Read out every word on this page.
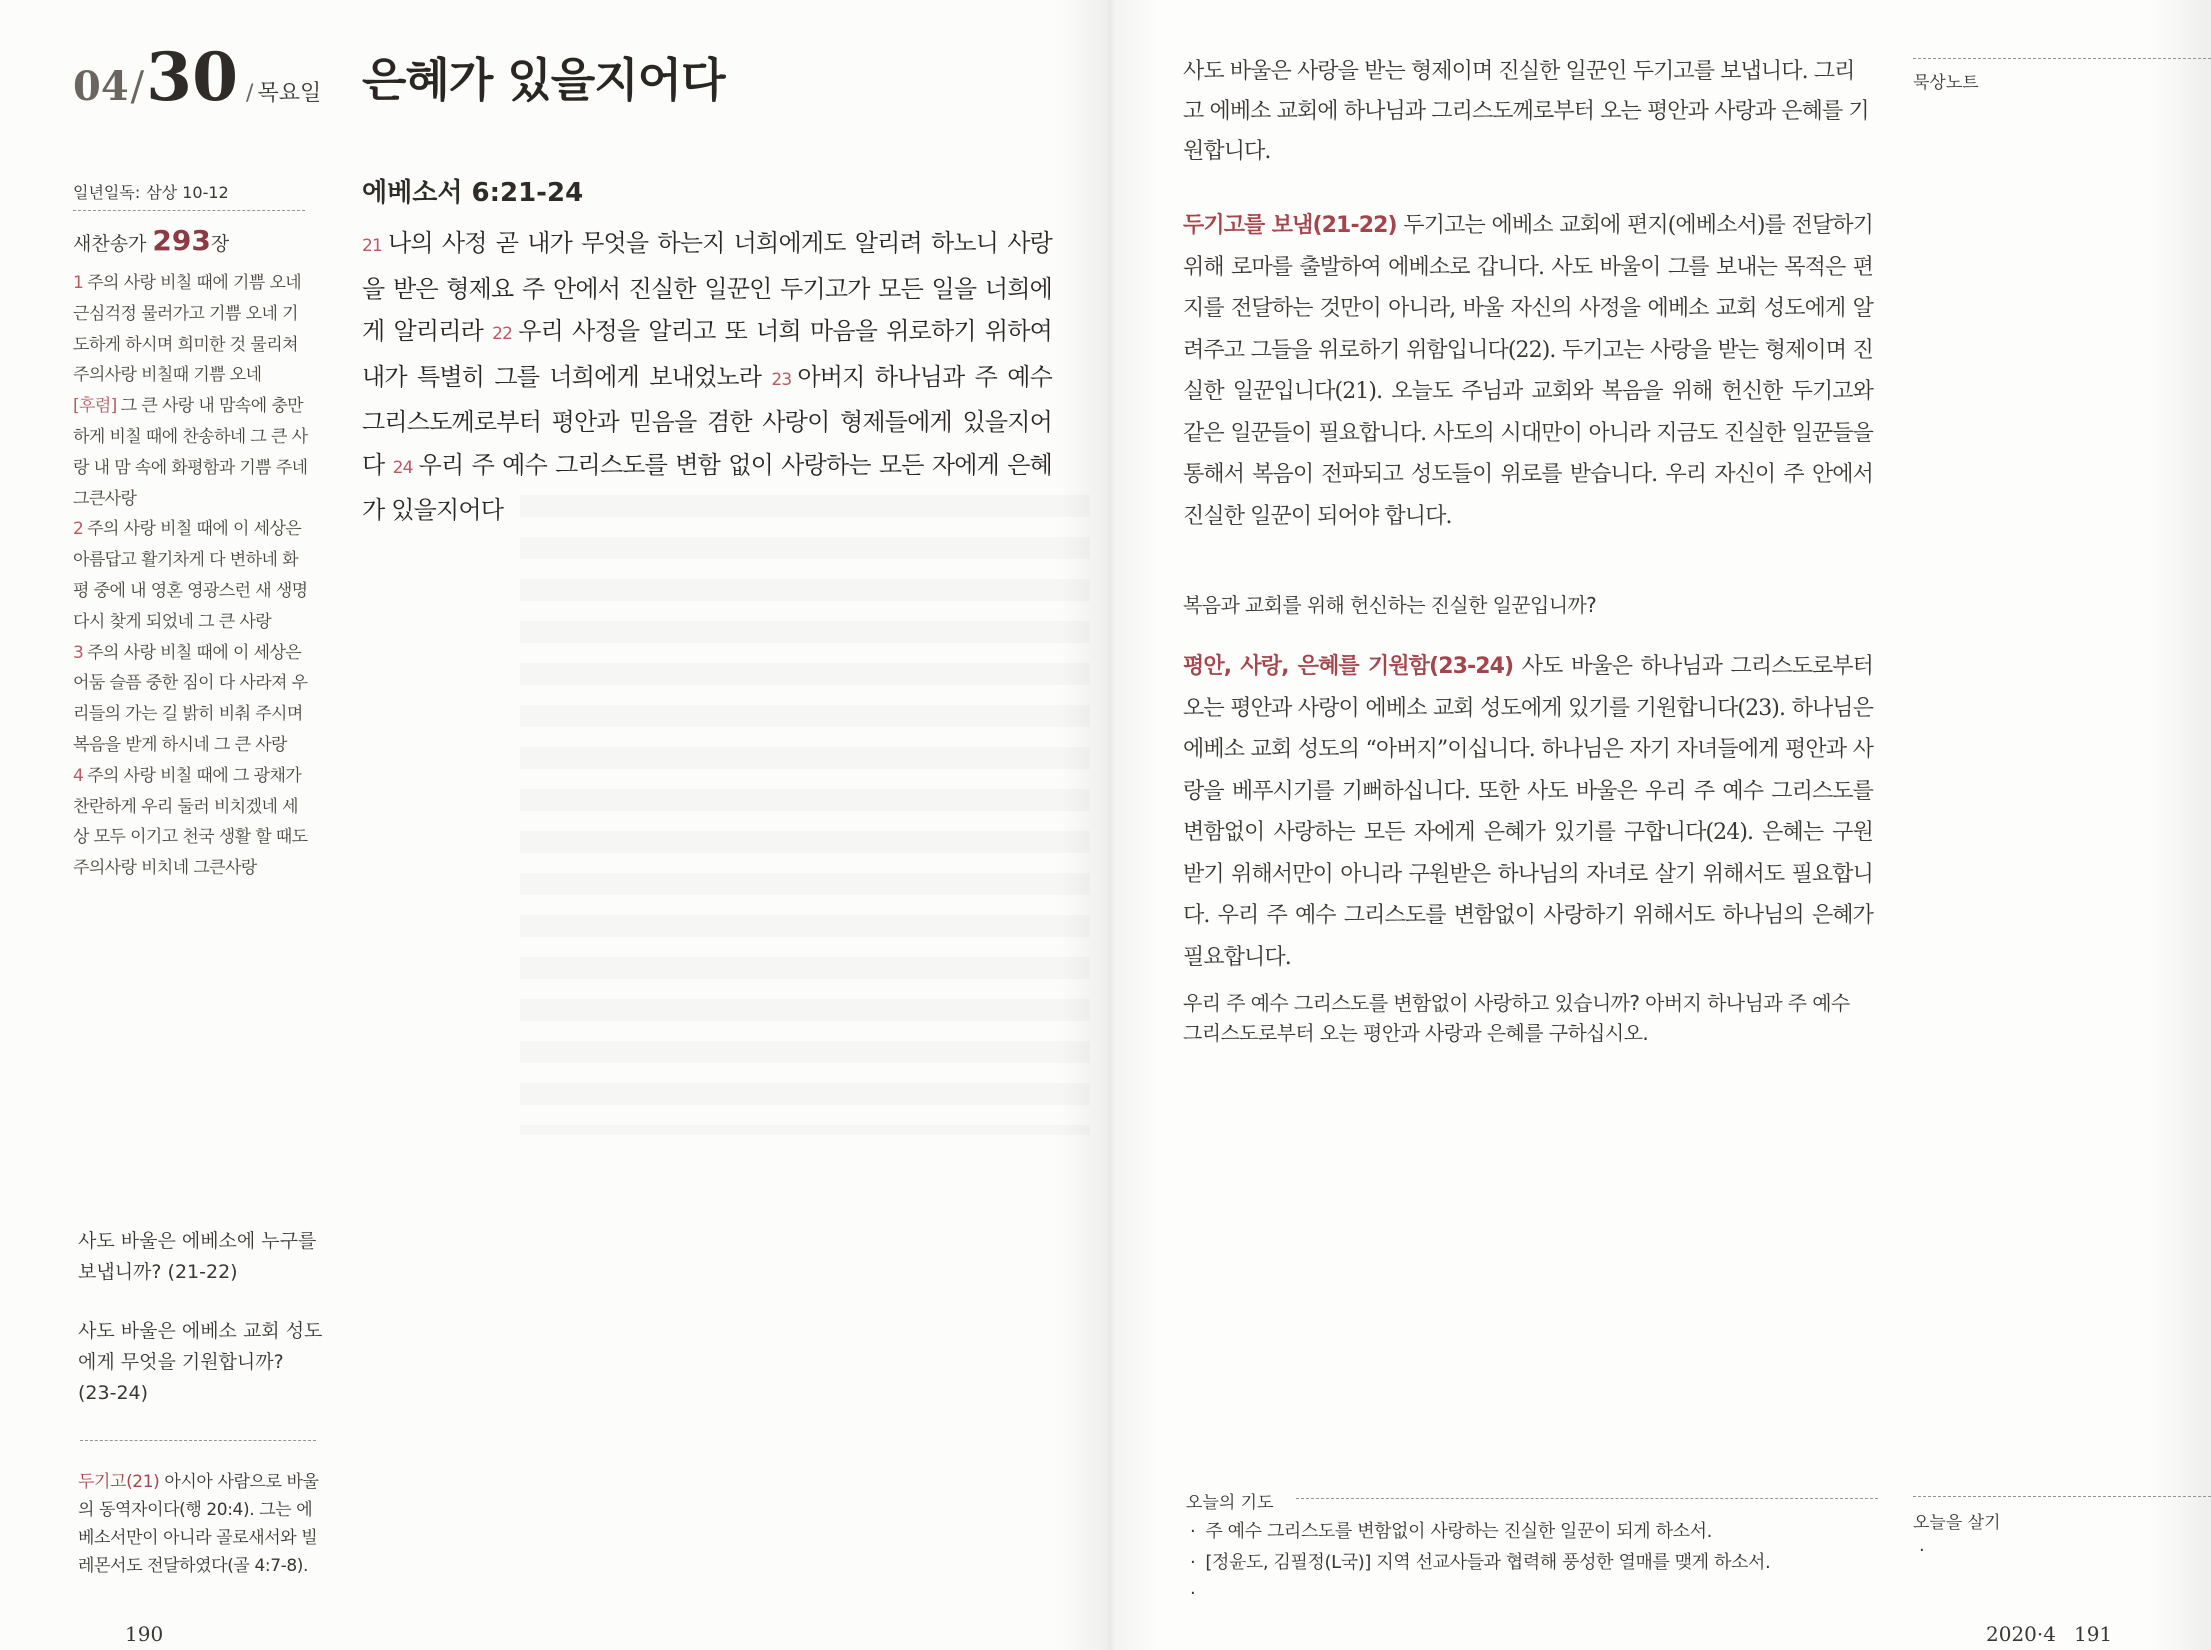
04 / 30 / 목요일 은혜가 있을지어다
일년일독: 삼상 10-12
새찬송가 293장
1 주의 사랑 비칠 때에 기쁨 오네 근심걱정 물러가고 기쁨 오네 기도하게 하시며 희미한 것 물리쳐 주의사랑 비칠때 기쁨 오네
[후렴] 그 큰 사랑 내 맘속에 충만하게 비칠 때에 찬송하네 그 큰 사랑 내 맘 속에 화평함과 기쁨 주네 그큰사랑
2 주의 사랑 비칠 때에 이 세상은 아름답고 활기차게 다 변하네 화평 중에 내 영혼 영광스런 새 생명 다시 찾게 되었네 그 큰 사랑
3 주의 사랑 비칠 때에 이 세상은 어둠 슬픔 중한 짐이 다 사라져 우리들의 가는 길 밝히 비춰 주시며 복음을 받게 하시네 그 큰 사랑
4 주의 사랑 비칠 때에 그 광채가 찬란하게 우리 둘러 비치겠네 세상 모두 이기고 천국 생활 할 때도 주의사랑 비치네 그큰사랑
사도 바울은 에베소에 누구를 보냅니까? (21-22)
사도 바울은 에베소 교회 성도에게 무엇을 기원합니까? (23-24)
두기고(21) 아시아 사람으로 바울의 동역자이다(행 20:4). 그는 에베소서만이 아니라 골로새서와 빌레몬서도 전달하였다(골 4:7-8).
190
에베소서 6:21-24
21 나의 사정 곧 내가 무엇을 하는지 너희에게도 알리려 하노니 사랑을 받은 형제요 주 안에서 진실한 일꾼인 두기고가 모든 일을 너희에게 알리리라 22 우리 사정을 알리고 또 너희 마음을 위로하기 위하여 내가 특별히 그를 너희에게 보내었노라 23 아버지 하나님과 주 예수 그리스도께로부터 평안과 믿음을 겸한 사랑이 형제들에게 있을지어다 24 우리 주 예수 그리스도를 변함 없이 사랑하는 모든 자에게 은혜가 있을지어다
사도 바울은 사랑을 받는 형제이며 진실한 일꾼인 두기고를 보냅니다. 그리고 에베소 교회에 하나님과 그리스도께로부터 오는 평안과 사랑과 은혜를 기원합니다.
두기고를 보냄(21-22) 두기고는 에베소 교회에 편지(에베소서)를 전달하기 위해 로마를 출발하여 에베소로 갑니다. 사도 바울이 그를 보내는 목적은 편지를 전달하는 것만이 아니라, 바울 자신의 사정을 에베소 교회 성도에게 알려주고 그들을 위로하기 위함입니다(22). 두기고는 사랑을 받는 형제이며 진실한 일꾼입니다(21). 오늘도 주님과 교회와 복음을 위해 헌신한 두기고와 같은 일꾼들이 필요합니다. 사도의 시대만이 아니라 지금도 진실한 일꾼들을 통해서 복음이 전파되고 성도들이 위로를 받습니다. 우리 자신이 주 안에서 진실한 일꾼이 되어야 합니다.
복음과 교회를 위해 헌신하는 진실한 일꾼입니까?
평안, 사랑, 은혜를 기원함(23-24) 사도 바울은 하나님과 그리스도로부터 오는 평안과 사랑이 에베소 교회 성도에게 있기를 기원합니다(23). 하나님은 에베소 교회 성도의 “아버지”이십니다. 하나님은 자기 자녀들에게 평안과 사랑을 베푸시기를 기뻐하십니다. 또한 사도 바울은 우리 주 예수 그리스도를 변함없이 사랑하는 모든 자에게 은혜가 있기를 구합니다(24). 은혜는 구원 받기 위해서만이 아니라 구원받은 하나님의 자녀로 살기 위해서도 필요합니다. 우리 주 예수 그리스도를 변함없이 사랑하기 위해서도 하나님의 은혜가 필요합니다.
우리 주 예수 그리스도를 변함없이 사랑하고 있습니까? 아버지 하나님과 주 예수 그리스도로부터 오는 평안과 사랑과 은혜를 구하십시오.
묵상노트
오늘을 살기
·
오늘의 기도
· 주 예수 그리스도를 변함없이 사랑하는 진실한 일꾼이 되게 하소서.
· [정윤도, 김필정(L국)] 지역 선교사들과 협력해 풍성한 열매를 맺게 하소서.
·
2020·4 191
